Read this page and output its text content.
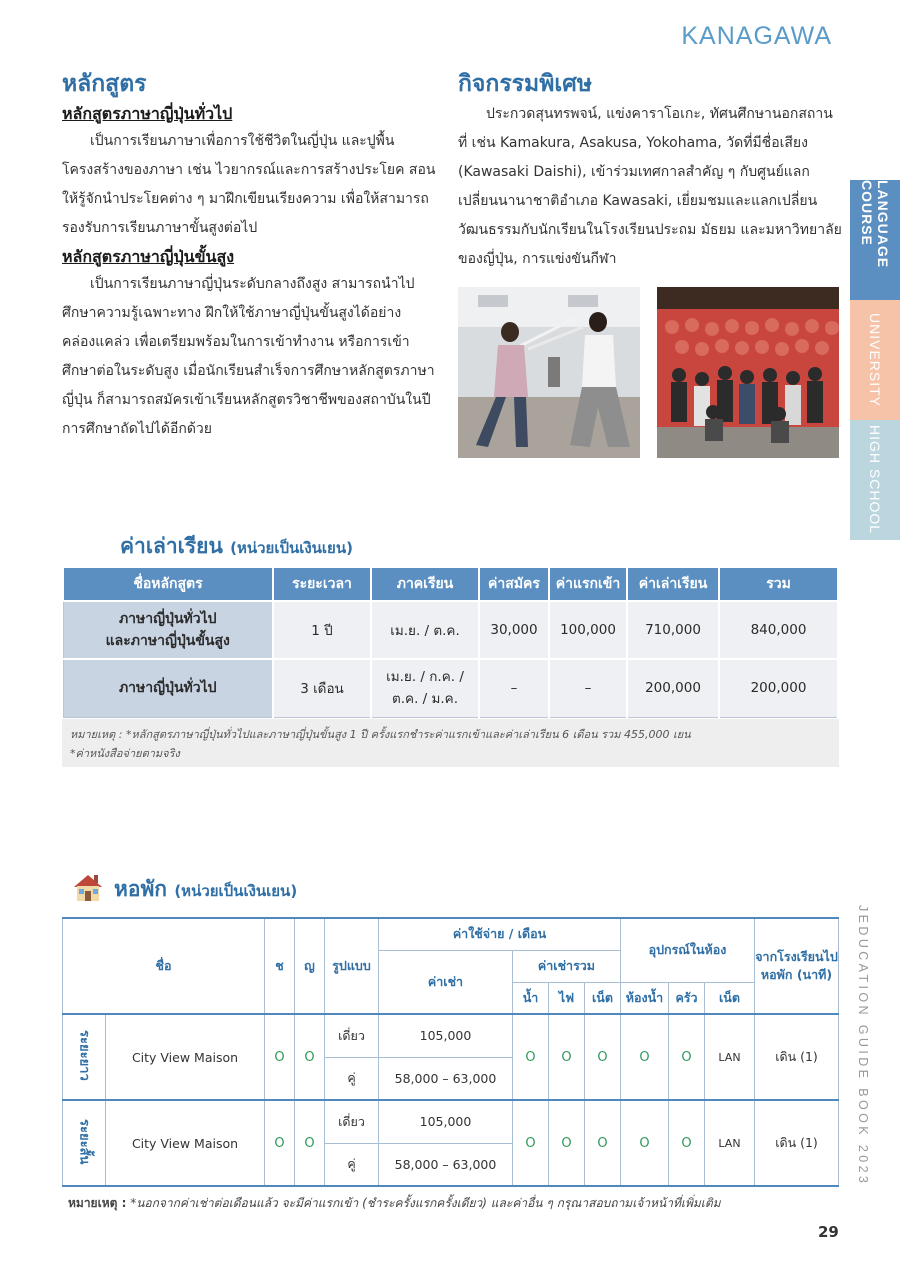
KANAGAWA
หลักสูตร
หลักสูตรภาษาญี่ปุ่นทั่วไป

เป็นการเรียนภาษาเพื่อการใช้ชีวิตในญี่ปุ่น และปูพื้นโครงสร้างของภาษา เช่น ไวยากรณ์และการสร้างประโยค สอนให้รู้จักนำประโยคต่าง ๆ มาฝึกเขียนเรียงความ เพื่อให้สามารถรองรับการเรียนภาษาขั้นสูงต่อไป

หลักสูตรภาษาญี่ปุ่นขั้นสูง

เป็นการเรียนภาษาญี่ปุ่นระดับกลางถึงสูง สามารถนำไปศึกษาความรู้เฉพาะทาง ฝึกให้ใช้ภาษาญี่ปุ่นขั้นสูงได้อย่างคล่องแคล่ว เพื่อเตรียมพร้อมในการเข้าทำงาน หรือการเข้าศึกษาต่อในระดับสูง เมื่อนักเรียนสำเร็จการศึกษาหลักสูตรภาษาญี่ปุ่น ก็สามารถสมัครเข้าเรียนหลักสูตรวิชาชีพของสถาบันในปีการศึกษาถัดไปได้อีกด้วย

กิจกรรมพิเศษ

ประกวดสุนทรพจน์, แข่งคาราโอเกะ, ทัศนศึกษานอกสถานที่ เช่น Kamakura, Asakusa, Yokohama, วัดที่มีชื่อเสียง (Kawasaki Daishi), เข้าร่วมเทศกาลสำคัญ ๆ กับศูนย์แลกเปลี่ยนนานาชาติอำเภอ Kawasaki, เยี่ยมชมและแลกเปลี่ยนวัฒนธรรมกับนักเรียนในโรงเรียนประถม มัธยม และมหาวิทยาลัยของญี่ปุ่น, การแข่งขันกีฬา	LANGUAGE COURSE
UNIVERSITY
HIGH SCHOOL
JEDUCATION GUIDE BOOK 2023
ค่าเล่าเรียน (หน่วยเป็นเงินเยน)
ชื่อหลักสูตร	ระยะเวลา	ภาคเรียน	ค่าสมัคร	ค่าแรกเข้า	ค่าเล่าเรียน	รวม
ภาษาญี่ปุ่นทั่วไป
และภาษาญี่ปุ่นขั้นสูง	1 ปี	เม.ย. / ต.ค.	30,000	100,000	710,000	840,000
ภาษาญี่ปุ่นทั่วไป	3 เดือน	เม.ย. / ก.ค. /
ต.ค. / ม.ค.	–	–	200,000	200,000
หมายเหตุ : *หลักสูตรภาษาญี่ปุ่นทั่วไปและภาษาญี่ปุ่นขั้นสูง 1 ปี ครั้งแรกชำระค่าแรกเข้าและค่าเล่าเรียน 6 เดือน รวม 455,000 เยน
*ค่าหนังสือจ่ายตามจริง
หอพัก (หน่วยเป็นเงินเยน)
ชื่อ		ช	ญ	รูปแบบ	ค่าใช้จ่าย / เดือน				อุปกรณ์ในห้อง			จากโรงเรียนไปหอพัก (นาที)
					ค่าเช่า	ค่าเช่ารวม						
						น้ำ	ไฟ	เน็ต	ห้องน้ำ	ครัว	เน็ต	
ระยะยาว	City View Maison	O	O	เดี่ยว	105,000	O	O	O	O	O	LAN	เดิน (1)
				คู่	58,000 – 63,000							
ระยะสั้น	City View Maison	O	O	เดี่ยว	105,000	O	O	O	O	O	LAN	เดิน (1)
				คู่	58,000 – 63,000							
หมายเหตุ : *นอกจากค่าเช่าต่อเดือนแล้ว จะมีค่าแรกเข้า (ชำระครั้งแรกครั้งเดียว) และค่าอื่น ๆ กรุณาสอบถามเจ้าหน้าที่เพิ่มเติม
29
